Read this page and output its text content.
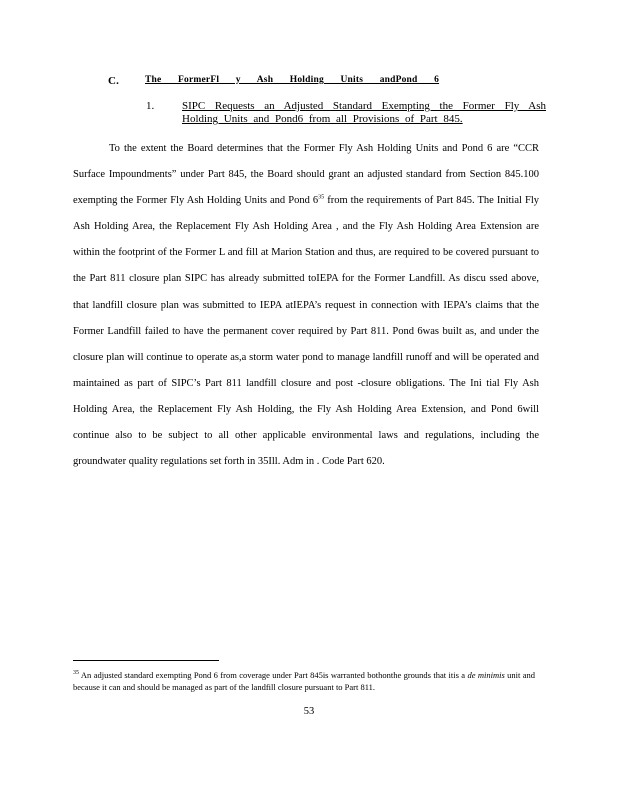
C.	The FormerFl y Ash Holding Units andPond 6
1.	SIPC Requests an Adjusted Standard Exempting the Former Fly Ash Holding Units and Pond6 from all Provisions of Part 845.
To the extent the Board determines that the Former Fly Ash Holding Units and Pond 6 are “CCR Surface Impoundments” under Part 845, the Board should grant an adjusted standard from Section 845.100 exempting the Former Fly Ash Holding Units and Pond 6$^{35}$ from the requirements of Part 845. The Initial Fly Ash Holding Area, the Replacement Fly Ash Holding Area , and the Fly Ash Holding Area Extension are within the footprint of the Former L and fill at Marion Station and thus, are required to be covered pursuant to the Part 811 closure plan SIPC has already submitted toIEPA for the Former Landfill. As discu ssed above, that landfill closure plan was submitted to IEPA atIEPA’s request in connection with IEPA’s claims that the Former Landfill failed to have the permanent cover required by Part 811. Pond 6was built as, and under the closure plan will continue to operate as,a storm water pond to manage landfill runoff and will be operated and maintained as part of SIPC’s Part 811 landfill closure and post -closure obligations. The Ini tial Fly Ash Holding Area, the Replacement Fly Ash Holding, the Fly Ash Holding Area Extension, and Pond 6will continue also to be subject to all other applicable environmental laws and regulations, including the groundwater quality regulations set forth in 35Ill. Adm in . Code Part 620.
$^{35}$ An adjusted standard exempting Pond 6 from coverage under Part 845is warranted bothonthe grounds that itis a de minimis unit and because it can and should be managed as part of the landfill closure pursuant to Part 811.
53
